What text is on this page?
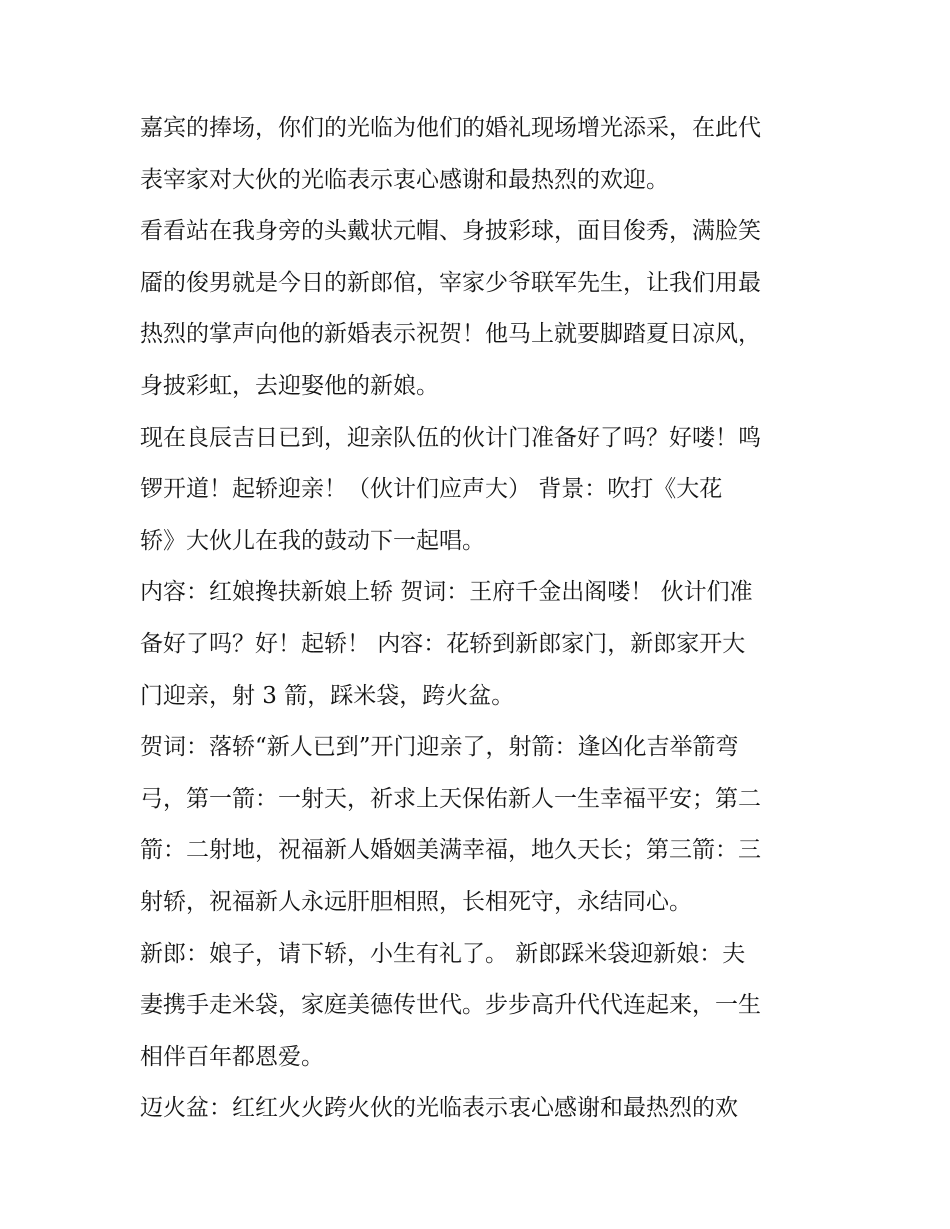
嘉宾的捧场，你们的光临为他们的婚礼现场增光添采，在此代
表宰家对大伙的光临表示衷心感谢和最热烈的欢迎。
看看站在我身旁的头戴状元帽、身披彩球，面目俊秀，满脸笑
靥的俊男就是今日的新郎倌，宰家少爷联军先生，让我们用最
热烈的掌声向他的新婚表示祝贺！他马上就要脚踏夏日凉风，
身披彩虹，去迎娶他的新娘。
现在良辰吉日已到，迎亲队伍的伙计门准备好了吗？好喽！鸣
锣开道！起轿迎亲！（伙计们应声大） 背景：吹打《大花
轿》大伙儿在我的鼓动下一起唱。
内容：红娘搀扶新娘上轿 贺词：王府千金出阁喽！ 伙计们准
备好了吗？好！起轿！ 内容：花轿到新郎家门，新郎家开大
门迎亲，射 3 箭，踩米袋，跨火盆。
贺词：落轿“新人已到”开门迎亲了，射箭：逢凶化吉举箭弯
弓，第一箭：一射天，祈求上天保佑新人一生幸福平安；第二
箭：二射地，祝福新人婚姻美满幸福，地久天长；第三箭：三
射轿，祝福新人永远肝胆相照，长相死守，永结同心。
新郎：娘子，请下轿，小生有礼了。 新郎踩米袋迎新娘：夫
妻携手走米袋，家庭美德传世代。步步高升代代连起来，一生
相伴百年都恩爱。
迈火盆：红红火火跨火伙的光临表示衷心感谢和最热烈的欢
